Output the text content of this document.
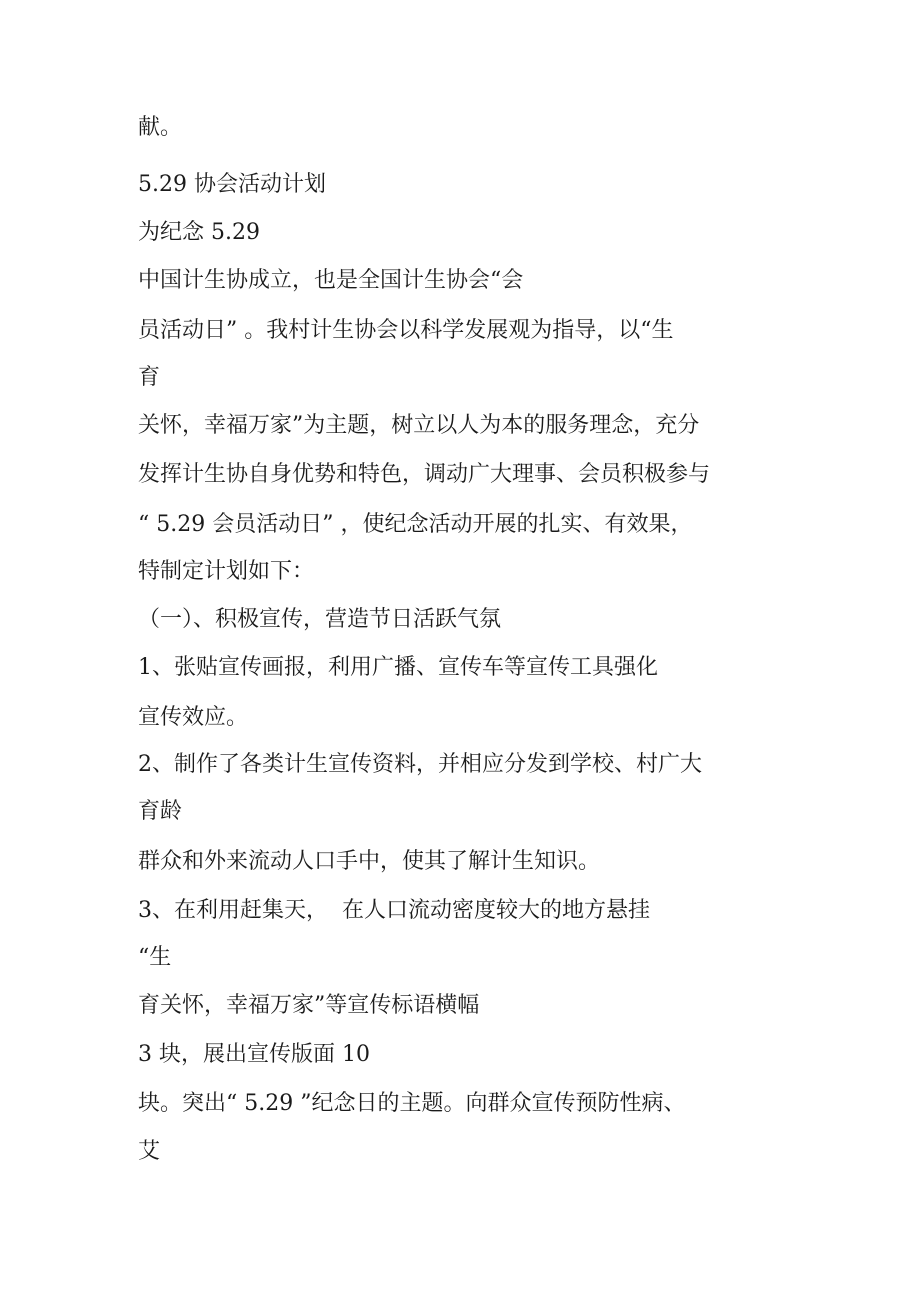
献。

5.29 协会活动计划

为纪念 5.29

中国计生协成立，也是全国计生协会“会

员活动日” 。我村计生协会以科学发展观为指导，以“生

育

关怀，幸福万家”为主题，树立以人为本的服务理念，充分

发挥计生协自身优势和特色，调动广大理事、会员积极参与

“ 5.29 会员活动日” ，使纪念活动开展的扎实、有效果，

特制定计划如下：

（一）、积极宣传，营造节日活跃气氛

1、张贴宣传画报，利用广播、宣传车等宣传工具强化

宣传效应。

2、制作了各类计生宣传资料，并相应分发到学校、村广大

育龄

群众和外来流动人口手中，使其了解计生知识。

3、在利用赶集天，  在人口流动密度较大的地方悬挂

“生

育关怀，幸福万家”等宣传标语横幅

3 块，展出宣传版面 10

块。突出“ 5.29 ”纪念日的主题。向群众宣传预防性病、

艾
